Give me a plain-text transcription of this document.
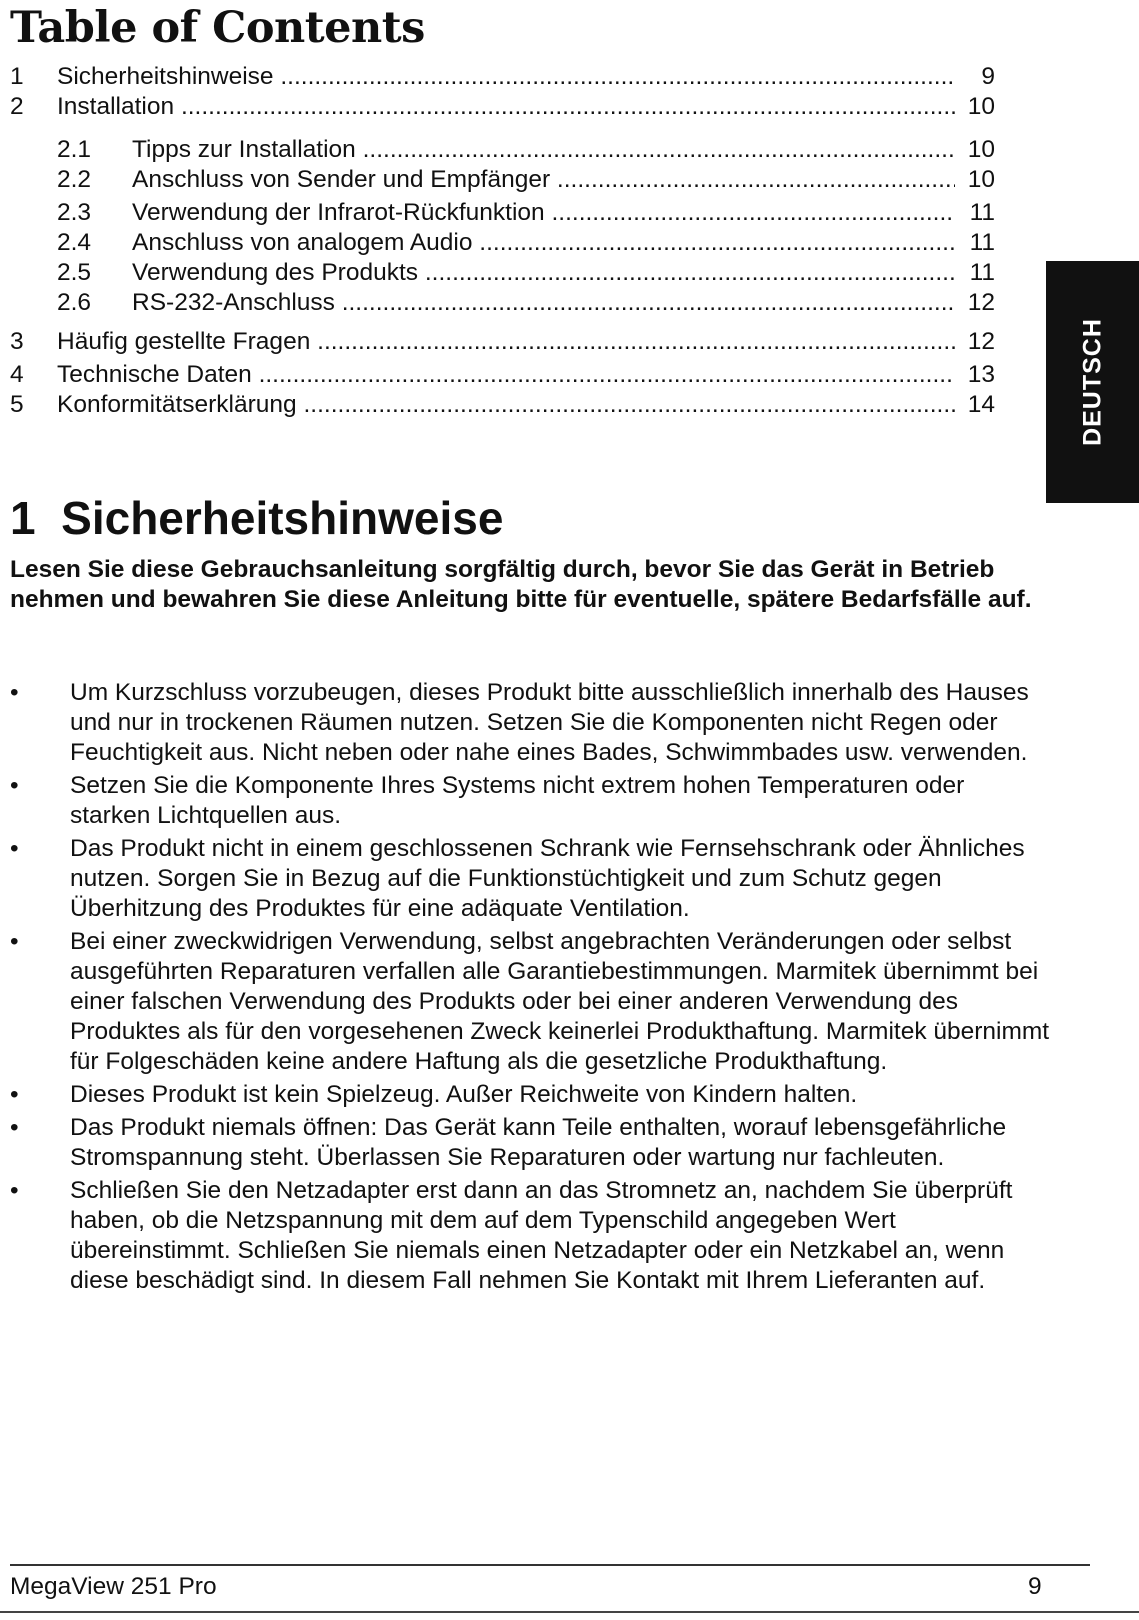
Table of Contents
1 Sicherheitshinweise .....	9
2 Installation .....	10
2.1 Tipps zur Installation .....	10
2.2 Anschluss von Sender und Empfänger .....	10
2.3 Verwendung der Infrarot-Rückfunktion .....	11
2.4 Anschluss von analogem Audio .....	11
2.5 Verwendung des Produkts .....	11
2.6 RS-232-Anschluss .....	12
3 Häufig gestellte Fragen .....	12
4 Technische Daten .....	13
5 Konformitätserklärung .....	14	DEUTSCH
1  Sicherheitshinweise
Lesen Sie diese Gebrauchsanleitung sorgfältig durch, bevor Sie das Gerät in Betrieb nehmen und bewahren Sie diese Anleitung bitte für eventuelle, spätere Bedarfsfälle auf.
•	Um Kurzschluss vorzubeugen, dieses Produkt bitte ausschließlich innerhalb des Hauses und nur in trockenen Räumen nutzen. Setzen Sie die Komponenten nicht Regen oder Feuchtigkeit aus. Nicht neben oder nahe eines Bades, Schwimmbades usw. verwenden.
•	Setzen Sie die Komponente Ihres Systems nicht extrem hohen Temperaturen oder starken Lichtquellen aus.
•	Das Produkt nicht in einem geschlossenen Schrank wie Fernsehschrank oder Ähnliches nutzen. Sorgen Sie in Bezug auf die Funktionstüchtigkeit und zum Schutz gegen Überhitzung des Produktes für eine adäquate Ventilation.
•	Bei einer zweckwidrigen Verwendung, selbst angebrachten Veränderungen oder selbst ausgeführten Reparaturen verfallen alle Garantiebestimmungen. Marmitek übernimmt bei einer falschen Verwendung des Produkts oder bei einer anderen Verwendung des Produktes als für den vorgesehenen Zweck keinerlei Produkthaftung. Marmitek übernimmt für Folgeschäden keine andere Haftung als die gesetzliche Produkthaftung.
•	Dieses Produkt ist kein Spielzeug. Außer Reichweite von Kindern halten.
•	Das Produkt niemals öffnen: Das Gerät kann Teile enthalten, worauf lebensgefährliche Stromspannung steht. Überlassen Sie Reparaturen oder wartung nur fachleuten.
•	Schließen Sie den Netzadapter erst dann an das Stromnetz an, nachdem Sie überprüft haben, ob die Netzspannung mit dem auf dem Typenschild angegeben Wert übereinstimmt. Schließen Sie niemals einen Netzadapter oder ein Netzkabel an, wenn diese beschädigt sind. In diesem Fall nehmen Sie Kontakt mit Ihrem Lieferanten auf.
MegaView 251 Pro	9
